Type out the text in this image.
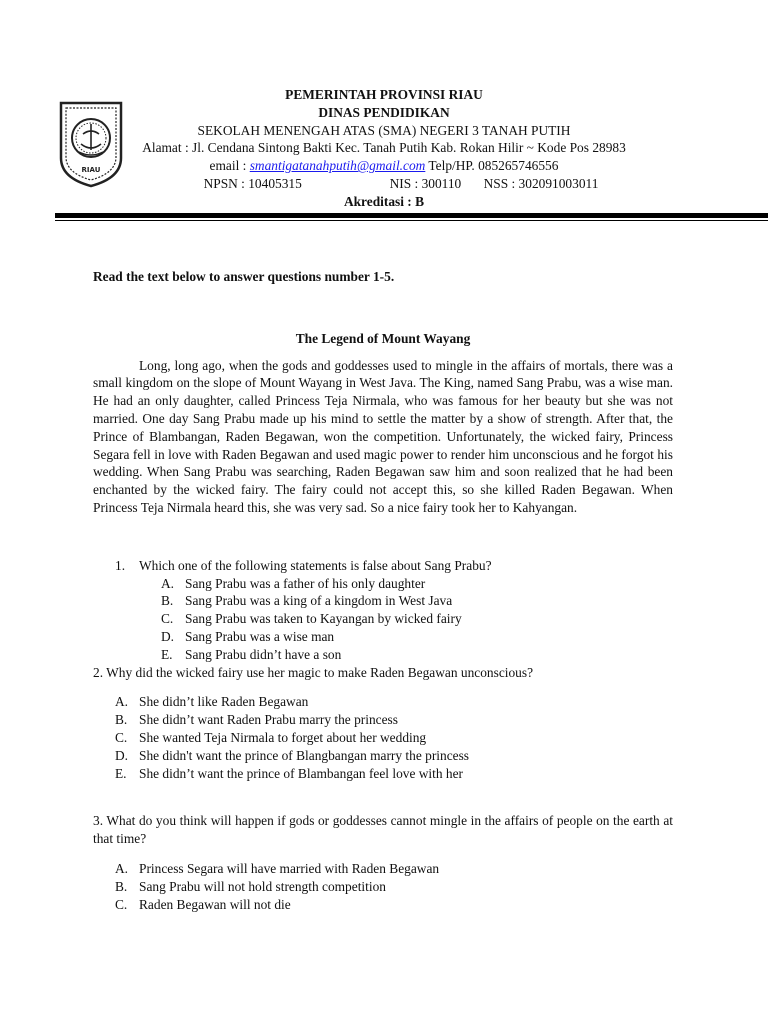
RIAU
PEMERINTAH PROVINSI RIAU
DINAS PENDIDIKAN
SEKOLAH MENENGAH ATAS (SMA) NEGERI 3 TANAH PUTIH
Alamat : Jl. Cendana Sintong Bakti Kec. Tanah Putih Kab. Rokan Hilir ~ Kode Pos 28983
email : smantigatanahputih@gmail.com Telp/HP. 085265746556
NPSN : 10405315	NIS : 300110 NSS : 302091003011
Akreditasi : B

Read the text below to answer questions number 1-5.

The Legend of Mount Wayang

Long, long ago, when the gods and goddesses used to mingle in the affairs of mortals, there was a small kingdom on the slope of Mount Wayang in West Java. The King, named Sang Prabu, was a wise man. He had an only daughter, called Princess Teja Nirmala, who was famous for her beauty but she was not married. One day Sang Prabu made up his mind to settle the matter by a show of strength. After that, the Prince of Blambangan, Raden Begawan, won the competition. Unfortunately, the wicked fairy, Princess Segara fell in love with Raden Begawan and used magic power to render him unconscious and he forgot his wedding. When Sang Prabu was searching, Raden Begawan saw him and soon realized that he had been enchanted by the wicked fairy. The fairy could not accept this, so she killed Raden Begawan. When Princess Teja Nirmala heard this, she was very sad. So a nice fairy took her to Kahyangan.

1. Which one of the following statements is false about Sang Prabu?
A. Sang Prabu was a father of his only daughter
B. Sang Prabu was a king of a kingdom in West Java
C. Sang Prabu was taken to Kayangan by wicked fairy
D. Sang Prabu was a wise man
E. Sang Prabu didn’t have a son
2. Why did the wicked fairy use her magic to make Raden Begawan unconscious?
A. She didn’t like Raden Begawan
B. She didn’t want Raden Prabu marry the princess
C. She wanted Teja Nirmala to forget about her wedding
D. She didn't want the prince of Blangbangan marry the princess
E. She didn’t want the prince of Blambangan feel love with her
3. What do you think will happen if gods or goddesses cannot mingle in the affairs of people on the earth at that time?
A. Princess Segara will have married with Raden Begawan
B. Sang Prabu will not hold strength competition
C. Raden Begawan will not die
